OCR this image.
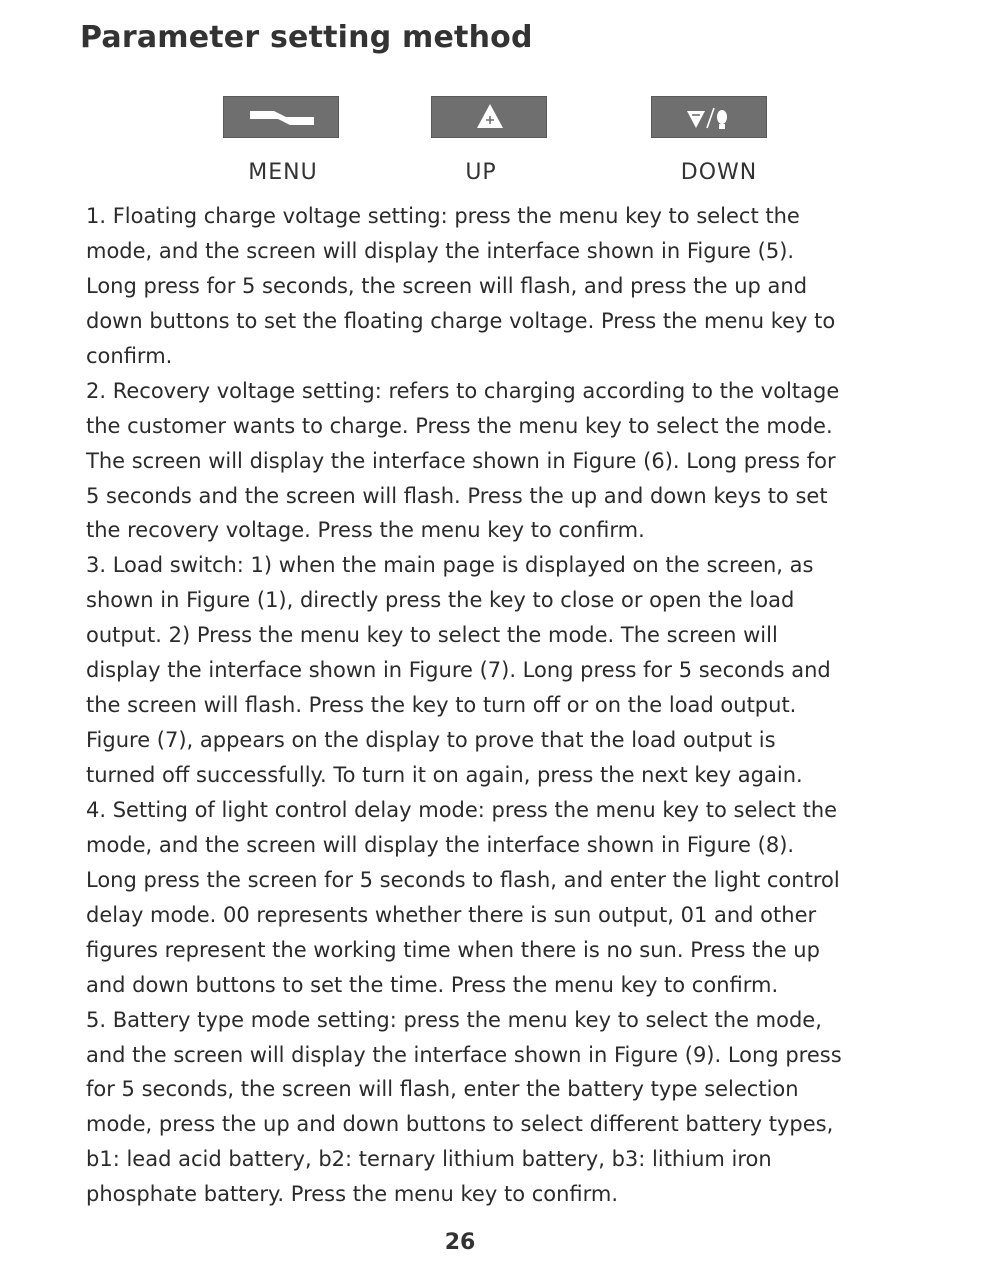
Parameter setting method
MENU	UP	DOWN
1. Floating charge voltage setting: press the menu key to select the
mode, and the screen will display the interface shown in Figure (5).
Long press for 5 seconds, the screen will flash, and press the up and
down buttons to set the floating charge voltage. Press the menu key to
confirm.
2. Recovery voltage setting: refers to charging according to the voltage
the customer wants to charge. Press the menu key to select the mode.
The screen will display the interface shown in Figure (6). Long press for
5 seconds and the screen will flash. Press the up and down keys to set
the recovery voltage. Press the menu key to confirm.
3. Load switch: 1) when the main page is displayed on the screen, as
shown in Figure (1), directly press the key to close or open the load
output. 2) Press the menu key to select the mode. The screen will
display the interface shown in Figure (7). Long press for 5 seconds and
the screen will flash. Press the key to turn off or on the load output.
Figure (7), appears on the display to prove that the load output is
turned off successfully. To turn it on again, press the next key again.
4. Setting of light control delay mode: press the menu key to select the
mode, and the screen will display the interface shown in Figure (8).
Long press the screen for 5 seconds to flash, and enter the light control
delay mode. 00 represents whether there is sun output, 01 and other
figures represent the working time when there is no sun. Press the up
and down buttons to set the time. Press the menu key to confirm.
5. Battery type mode setting: press the menu key to select the mode,
and the screen will display the interface shown in Figure (9). Long press
for 5 seconds, the screen will flash, enter the battery type selection
mode, press the up and down buttons to select different battery types,
b1: lead acid battery, b2: ternary lithium battery, b3: lithium iron
phosphate battery. Press the menu key to confirm.
26
